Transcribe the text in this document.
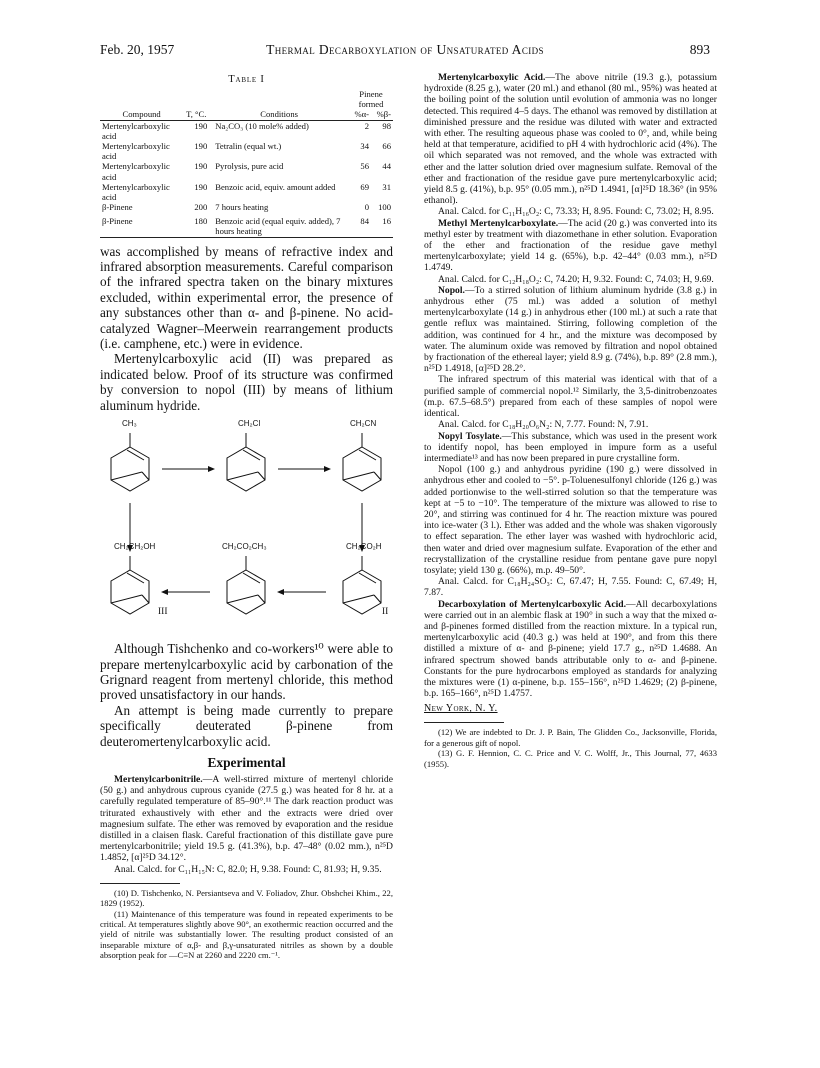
Feb. 20, 1957	Thermal Decarboxylation of Unsaturated Acids	893
Table I
			Pinene formed	
Compound	T, °C.	Conditions	%α-	%β-
Mertenylcarboxylic acid	190	Na₂CO₃ (10 mole% added)	2	98
Mertenylcarboxylic acid	190	Tetralin (equal wt.)	34	66
Mertenylcarboxylic acid	190	Pyrolysis, pure acid	56	44
Mertenylcarboxylic acid	190	Benzoic acid, equiv. amount added	69	31
β-Pinene	200	7 hours heating	0	100
β-Pinene	180	Benzoic acid (equal equiv. added), 7 hours heating	84	16

was accomplished by means of refractive index and infrared absorption measurements. Careful comparison of the infrared spectra taken on the binary mixtures excluded, within experimental error, the presence of any substances other than α- and β-pinene. No acid-catalyzed Wagner–Meerwein rearrangement products (i.e. camphene, etc.) were in evidence.

Mertenylcarboxylic acid (II) was prepared as indicated below. Proof of its structure was confirmed by conversion to nopol (III) by means of lithium aluminum hydride.

CH₃	CH₂Cl	CH₂CN
CH₂CH₂OH	CH₂CO₂CH₃	CH₂CO₂H
III	II

Although Tishchenko and co-workers¹⁰ were able to prepare mertenylcarboxylic acid by carbonation of the Grignard reagent from mertenyl chloride, this method proved unsatisfactory in our hands.

An attempt is being made currently to prepare specifically deuterated β-pinene from deuteromertenylcarboxylic acid.

Experimental

Mertenylcarbonitrile.—A well-stirred mixture of mertenyl chloride (50 g.) and anhydrous cuprous cyanide (27.5 g.) was heated for 8 hr. at a carefully regulated temperature of 85–90°.¹¹ The dark reaction product was triturated exhaustively with ether and the extracts were dried over magnesium sulfate. The ether was removed by evaporation and the residue distilled in a claisen flask. Careful fractionation of this distillate gave pure mertenylcarbonitrile; yield 19.5 g. (41.3%), b.p. 47–48° (0.02 mm.), n²⁵D 1.4852, [α]²⁵D 34.12°.

Anal. Calcd. for C₁₁H₁₅N: C, 82.0; H, 9.38. Found: C, 81.93; H, 9.35.

(10) D. Tishchenko, N. Persiantseva and V. Foliadov, Zhur. Obshchei Khim., 22, 1829 (1952).

(11) Maintenance of this temperature was found in repeated experiments to be critical. At temperatures slightly above 90°, an exothermic reaction occurred and the yield of nitrile was substantially lower. The resulting product consisted of an inseparable mixture of α,β- and β,γ-unsaturated nitriles as shown by a double absorption peak for —C≡N at 2260 and 2220 cm.⁻¹.

Mertenylcarboxylic Acid.—The above nitrile (19.3 g.), potassium hydroxide (8.25 g.), water (20 ml.) and ethanol (80 ml., 95%) was heated at the boiling point of the solution until evolution of ammonia was no longer detected. This required 4–5 days. The ethanol was removed by distillation at diminished pressure and the residue was diluted with water and extracted with ether. The resulting aqueous phase was cooled to 0°, and, while being held at that temperature, acidified to pH 4 with hydrochloric acid (4%). The oil which separated was not removed, and the whole was extracted with ether and the latter solution dried over magnesium sulfate. Removal of the ether and fractionation of the residue gave pure mertenylcarboxylic acid; yield 8.5 g. (41%), b.p. 95° (0.05 mm.), n²⁵D 1.4941, [α]²⁵D 18.36° (in 95% ethanol).

Anal. Calcd. for C₁₁H₁₆O₂: C, 73.33; H, 8.95. Found: C, 73.02; H, 8.95.

Methyl Mertenylcarboxylate.—The acid (20 g.) was converted into its methyl ester by treatment with diazomethane in ether solution. Evaporation of the ether and fractionation of the residue gave methyl mertenylcarboxylate; yield 14 g. (65%), b.p. 42–44° (0.03 mm.), n²⁵D 1.4749.

Anal. Calcd. for C₁₂H₁₈O₂: C, 74.20; H, 9.32. Found: C, 74.03; H, 9.69.

Nopol.—To a stirred solution of lithium aluminum hydride (3.8 g.) in anhydrous ether (75 ml.) was added a solution of methyl mertenylcarboxylate (14 g.) in anhydrous ether (100 ml.) at such a rate that gentle reflux was maintained. Stirring, following completion of the addition, was continued for 4 hr., and the mixture was decomposed by water. The aluminum oxide was removed by filtration and nopol obtained by fractionation of the ethereal layer; yield 8.9 g. (74%), b.p. 89° (2.8 mm.), n²⁵D 1.4918, [α]²⁵D 28.2°.

The infrared spectrum of this material was identical with that of a purified sample of commercial nopol.¹² Similarly, the 3,5-dinitrobenzoates (m.p. 67.5–68.5°) prepared from each of these samples of nopol were identical.

Anal. Calcd. for C₁₈H₂₀O₆N₂: N, 7.77. Found: N, 7.91.

Nopyl Tosylate.—This substance, which was used in the present work to identify nopol, has been employed in impure form as a useful intermediate¹³ and has now been prepared in pure crystalline form.

Nopol (100 g.) and anhydrous pyridine (190 g.) were dissolved in anhydrous ether and cooled to −5°. p-Toluenesulfonyl chloride (126 g.) was added portionwise to the well-stirred solution so that the temperature was kept at −5 to −10°. The temperature of the mixture was allowed to rise to 20°, and stirring was continued for 4 hr. The reaction mixture was poured into ice-water (3 l.). Ether was added and the whole was shaken vigorously to effect separation. The ether layer was washed with hydrochloric acid, then water and dried over magnesium sulfate. Evaporation of the ether and recrystallization of the crystalline residue from pentane gave pure nopyl tosylate; yield 130 g. (66%), m.p. 49–50°.

Anal. Calcd. for C₁₈H₂₄SO₃: C, 67.47; H, 7.55. Found: C, 67.49; H, 7.87.

Decarboxylation of Mertenylcarboxylic Acid.—All decarboxylations were carried out in an alembic flask at 190° in such a way that the mixed α- and β-pinenes formed distilled from the reaction mixture. In a typical run, mertenylcarboxylic acid (40.3 g.) was held at 190°, and from this there distilled a mixture of α- and β-pinene; yield 17.7 g., n²⁵D 1.4688. An infrared spectrum showed bands attributable only to α- and β-pinene. Constants for the pure hydrocarbons employed as standards for analyzing the mixtures were (1) α-pinene, b.p. 155–156°, n²⁵D 1.4629; (2) β-pinene, b.p. 165–166°, n²⁵D 1.4757.

New York, N. Y.

(12) We are indebted to Dr. J. P. Bain, The Glidden Co., Jacksonville, Florida, for a generous gift of nopol.

(13) G. F. Hennion, C. C. Price and V. C. Wolff, Jr., This Journal, 77, 4633 (1955).
